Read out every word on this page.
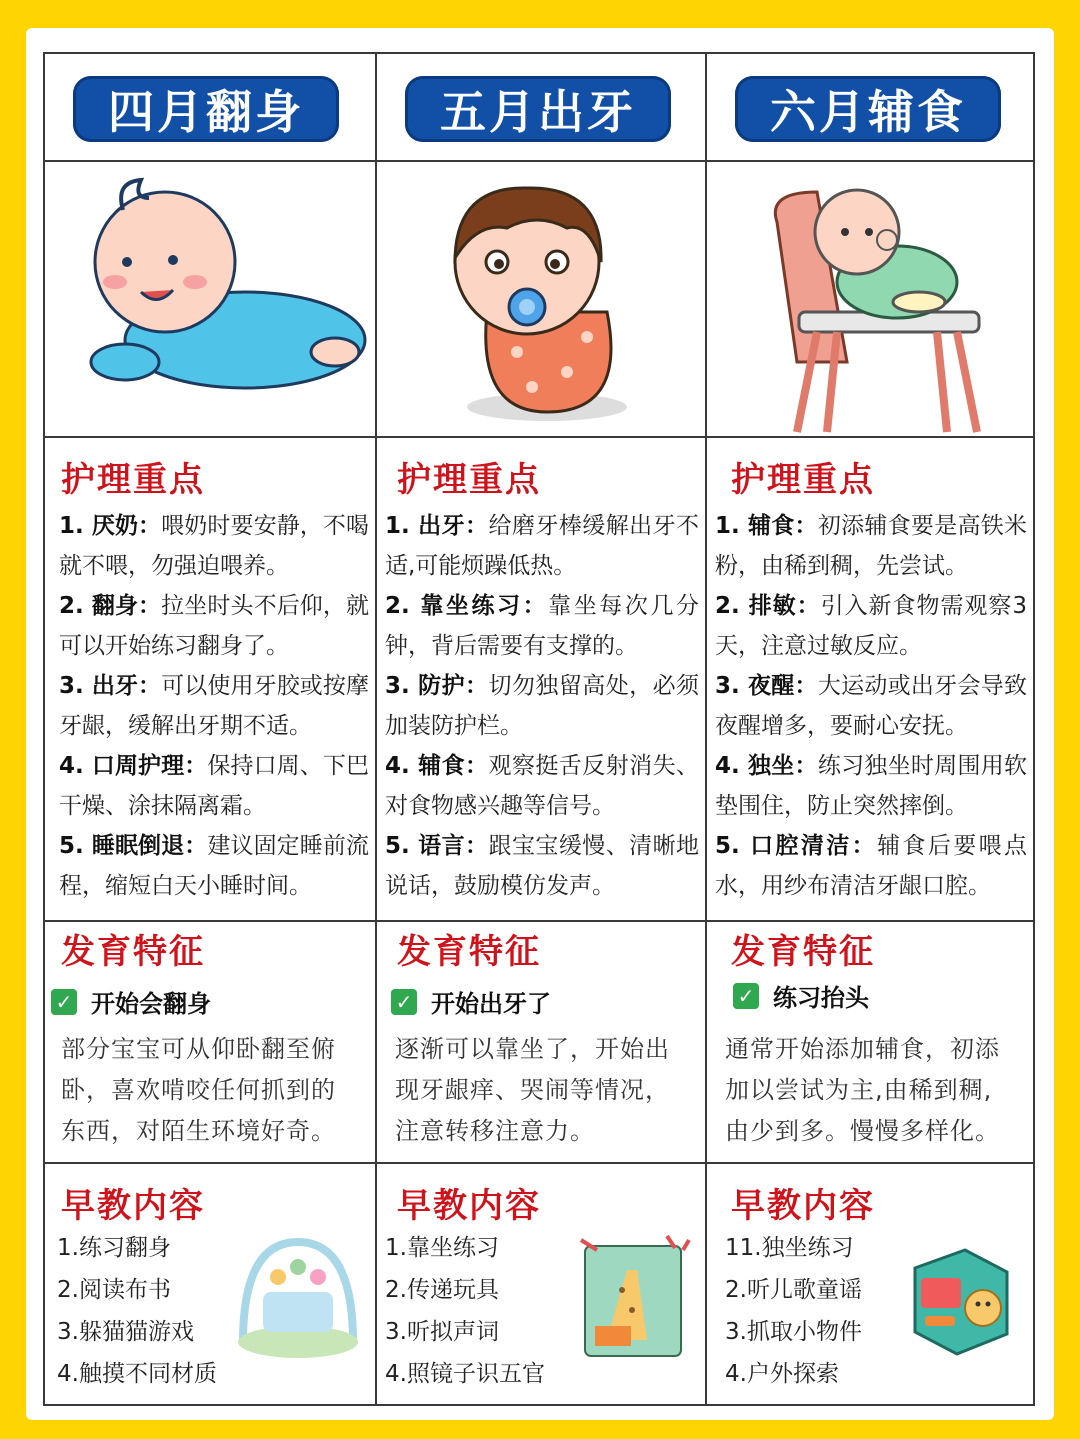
四月翻身
护理重点
1. 厌奶：喂奶时要安静，不喝就不喂，勿强迫喂养。
2. 翻身：拉坐时头不后仰，就可以开始练习翻身了。
3. 出牙：可以使用牙胶或按摩牙龈，缓解出牙期不适。
4. 口周护理：保持口周、下巴干燥、涂抹隔离霜。
5. 睡眠倒退：建议固定睡前流程，缩短白天小睡时间。
发育特征
✓ 开始会翻身
部分宝宝可从仰卧翻至俯卧，喜欢啃咬任何抓到的东西，对陌生环境好奇。
早教内容
1.练习翻身
2.阅读布书
3.躲猫猫游戏
4.触摸不同材质
五月出牙
护理重点
1. 出牙：给磨牙棒缓解出牙不适,可能烦躁低热。
2. 靠坐练习：靠坐每次几分钟，背后需要有支撑的。
3. 防护：切勿独留高处，必须加装防护栏。
4. 辅食：观察挺舌反射消失、对食物感兴趣等信号。
5. 语言：跟宝宝缓慢、清晰地说话，鼓励模仿发声。
发育特征
✓ 开始出牙了
逐渐可以靠坐了，开始出现牙龈痒、哭闹等情况，注意转移注意力。
早教内容
1.靠坐练习
2.传递玩具
3.听拟声词
4.照镜子识五官
六月辅食
护理重点
1. 辅食：初添辅食要是高铁米粉，由稀到稠，先尝试。
2. 排敏：引入新食物需观察3天，注意过敏反应。
3. 夜醒：大运动或出牙会导致夜醒增多，要耐心安抚。
4. 独坐：练习独坐时周围用软垫围住，防止突然摔倒。
5. 口腔清洁：辅食后要喂点水，用纱布清洁牙龈口腔。
发育特征
✓ 练习抬头
通常开始添加辅食，初添加以尝试为主,由稀到稠,由少到多。慢慢多样化。
早教内容
11.独坐练习
2.听儿歌童谣
3.抓取小物件
4.户外探索
